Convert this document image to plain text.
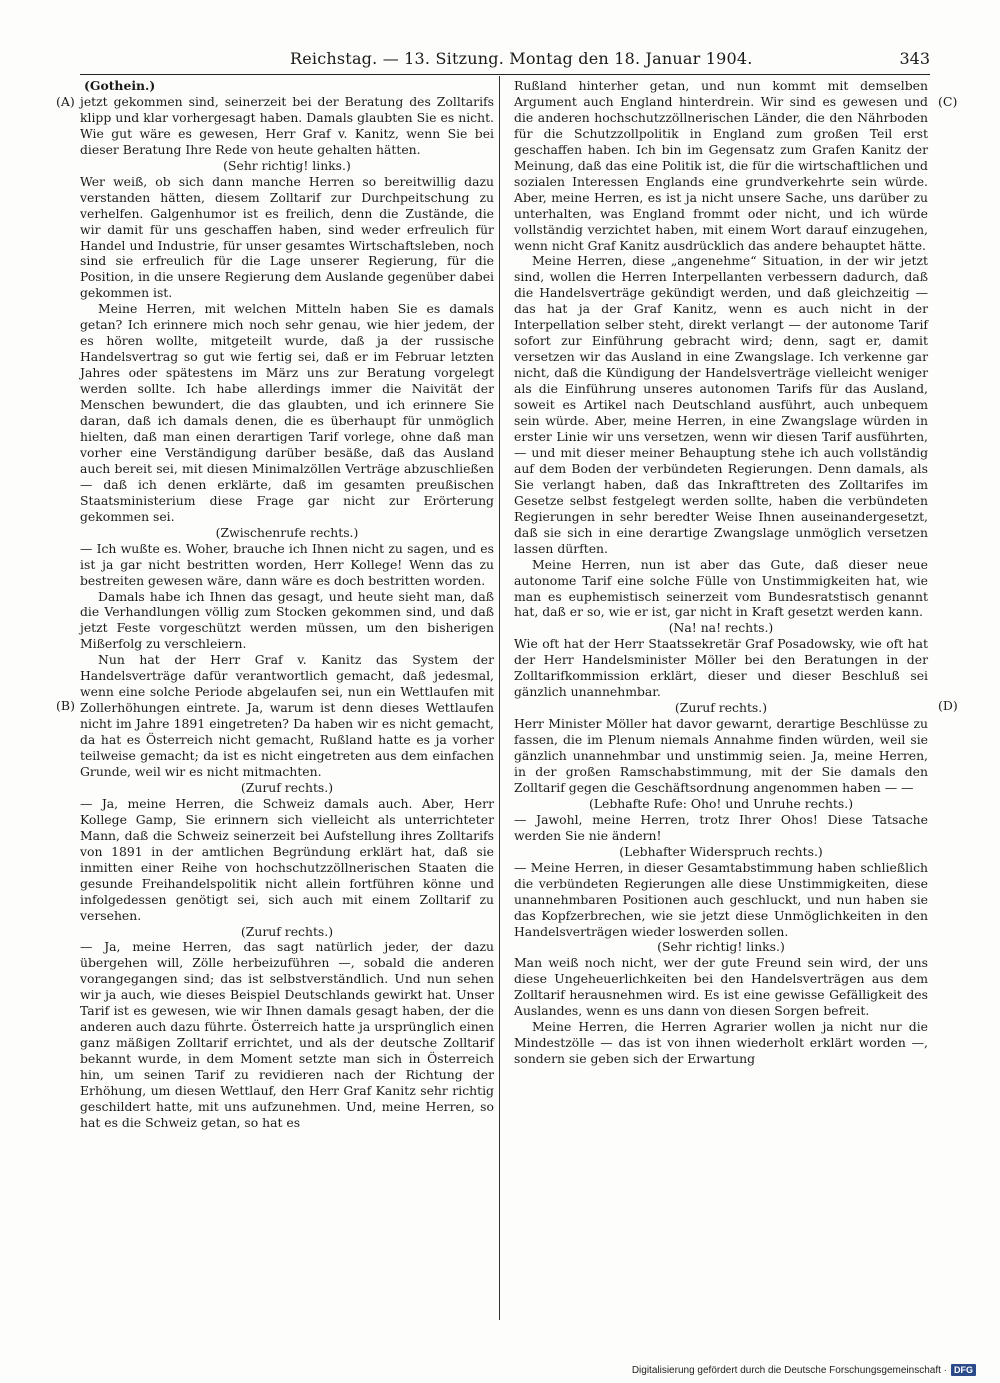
Reichstag. — 13. Sitzung. Montag den 18. Januar 1904.	343
(A)
(B)
(C)
(D)

(Gothein.)

jetzt gekommen sind, seinerzeit bei der Beratung des Zolltarifs klipp und klar vorhergesagt haben. Damals glaubten Sie es nicht. Wie gut wäre es gewesen, Herr Graf v. Kanitz, wenn Sie bei dieser Beratung Ihre Rede von heute gehalten hätten.

(Sehr richtig! links.)

Wer weiß, ob sich dann manche Herren so bereitwillig dazu verstanden hätten, diesem Zolltarif zur Durchpeitschung zu verhelfen. Galgenhumor ist es freilich, denn die Zustände, die wir damit für uns geschaffen haben, sind weder erfreulich für Handel und Industrie, für unser gesamtes Wirtschaftsleben, noch sind sie erfreulich für die Lage unserer Regierung, für die Position, in die unsere Regierung dem Auslande gegenüber dabei gekommen ist.

Meine Herren, mit welchen Mitteln haben Sie es damals getan? Ich erinnere mich noch sehr genau, wie hier jedem, der es hören wollte, mitgeteilt wurde, daß ja der russische Handelsvertrag so gut wie fertig sei, daß er im Februar letzten Jahres oder spätestens im März uns zur Beratung vorgelegt werden sollte. Ich habe allerdings immer die Naivität der Menschen bewundert, die das glaubten, und ich erinnere Sie daran, daß ich damals denen, die es überhaupt für unmöglich hielten, daß man einen derartigen Tarif vorlege, ohne daß man vorher eine Verständigung darüber besäße, daß das Ausland auch bereit sei, mit diesen Minimalzöllen Verträge abzuschließen — daß ich denen erklärte, daß im gesamten preußischen Staatsministerium diese Frage gar nicht zur Erörterung gekommen sei.

(Zwischenrufe rechts.)

— Ich wußte es. Woher, brauche ich Ihnen nicht zu sagen, und es ist ja gar nicht bestritten worden, Herr Kollege! Wenn das zu bestreiten gewesen wäre, dann wäre es doch bestritten worden.

Damals habe ich Ihnen das gesagt, und heute sieht man, daß die Verhandlungen völlig zum Stocken gekommen sind, und daß jetzt Feste vorgeschützt werden müssen, um den bisherigen Mißerfolg zu verschleiern.

Nun hat der Herr Graf v. Kanitz das System der Handelsverträge dafür verantwortlich gemacht, daß jedesmal, wenn eine solche Periode abgelaufen sei, nun ein Wettlaufen mit Zollerhöhungen eintrete. Ja, warum ist denn dieses Wettlaufen nicht im Jahre 1891 eingetreten? Da haben wir es nicht gemacht, da hat es Österreich nicht gemacht, Rußland hatte es ja vorher teilweise gemacht; da ist es nicht eingetreten aus dem einfachen Grunde, weil wir es nicht mitmachten.

(Zuruf rechts.)

— Ja, meine Herren, die Schweiz damals auch. Aber, Herr Kollege Gamp, Sie erinnern sich vielleicht als unterrichteter Mann, daß die Schweiz seinerzeit bei Aufstellung ihres Zolltarifs von 1891 in der amtlichen Begründung erklärt hat, daß sie inmitten einer Reihe von hochschutzzöllnerischen Staaten die gesunde Freihandelspolitik nicht allein fortführen könne und infolgedessen genötigt sei, sich auch mit einem Zolltarif zu versehen.

(Zuruf rechts.)

— Ja, meine Herren, das sagt natürlich jeder, der dazu übergehen will, Zölle herbeizuführen —, sobald die anderen vorangegangen sind; das ist selbstverständlich. Und nun sehen wir ja auch, wie dieses Beispiel Deutschlands gewirkt hat. Unser Tarif ist es gewesen, wie wir Ihnen damals gesagt haben, der die anderen auch dazu führte. Österreich hatte ja ursprünglich einen ganz mäßigen Zolltarif errichtet, und als der deutsche Zolltarif bekannt wurde, in dem Moment setzte man sich in Österreich hin, um seinen Tarif zu revidieren nach der Richtung der Erhöhung, um diesen Wettlauf, den Herr Graf Kanitz sehr richtig geschildert hatte, mit uns aufzunehmen. Und, meine Herren, so hat es die Schweiz getan, so hat es

Rußland hinterher getan, und nun kommt mit demselben Argument auch England hinterdrein. Wir sind es gewesen und die anderen hochschutzzöllnerischen Länder, die den Nährboden für die Schutzzollpolitik in England zum großen Teil erst geschaffen haben. Ich bin im Gegensatz zum Grafen Kanitz der Meinung, daß das eine Politik ist, die für die wirtschaftlichen und sozialen Interessen Englands eine grundverkehrte sein würde. Aber, meine Herren, es ist ja nicht unsere Sache, uns darüber zu unterhalten, was England frommt oder nicht, und ich würde vollständig verzichtet haben, mit einem Wort darauf einzugehen, wenn nicht Graf Kanitz ausdrücklich das andere behauptet hätte.

Meine Herren, diese „angenehme“ Situation, in der wir jetzt sind, wollen die Herren Interpellanten verbessern dadurch, daß die Handelsverträge gekündigt werden, und daß gleichzeitig — das hat ja der Graf Kanitz, wenn es auch nicht in der Interpellation selber steht, direkt verlangt — der autonome Tarif sofort zur Einführung gebracht wird; denn, sagt er, damit versetzen wir das Ausland in eine Zwangslage. Ich verkenne gar nicht, daß die Kündigung der Handelsverträge vielleicht weniger als die Einführung unseres autonomen Tarifs für das Ausland, soweit es Artikel nach Deutschland ausführt, auch unbequem sein würde. Aber, meine Herren, in eine Zwangslage würden in erster Linie wir uns versetzen, wenn wir diesen Tarif ausführten, — und mit dieser meiner Behauptung stehe ich auch vollständig auf dem Boden der verbündeten Regierungen. Denn damals, als Sie verlangt haben, daß das Inkrafttreten des Zolltarifes im Gesetze selbst festgelegt werden sollte, haben die verbündeten Regierungen in sehr beredter Weise Ihnen auseinandergesetzt, daß sie sich in eine derartige Zwangslage unmöglich versetzen lassen dürften.

Meine Herren, nun ist aber das Gute, daß dieser neue autonome Tarif eine solche Fülle von Unstimmigkeiten hat, wie man es euphemistisch seinerzeit vom Bundesratstisch genannt hat, daß er so, wie er ist, gar nicht in Kraft gesetzt werden kann.

(Na! na! rechts.)

Wie oft hat der Herr Staatssekretär Graf Posadowsky, wie oft hat der Herr Handelsminister Möller bei den Beratungen in der Zolltarifkommission erklärt, dieser und dieser Beschluß sei gänzlich unannehmbar.

(Zuruf rechts.)

Herr Minister Möller hat davor gewarnt, derartige Beschlüsse zu fassen, die im Plenum niemals Annahme finden würden, weil sie gänzlich unannehmbar und unstimmig seien. Ja, meine Herren, in der großen Ramschabstimmung, mit der Sie damals den Zolltarif gegen die Geschäftsordnung angenommen haben — —

(Lebhafte Rufe: Oho! und Unruhe rechts.)

— Jawohl, meine Herren, trotz Ihrer Ohos! Diese Tatsache werden Sie nie ändern!

(Lebhafter Widerspruch rechts.)

— Meine Herren, in dieser Gesamtabstimmung haben schließlich die verbündeten Regierungen alle diese Unstimmigkeiten, diese unannehmbaren Positionen auch geschluckt, und nun haben sie das Kopfzerbrechen, wie sie jetzt diese Unmöglichkeiten in den Handelsverträgen wieder loswerden sollen.

(Sehr richtig! links.)

Man weiß noch nicht, wer der gute Freund sein wird, der uns diese Ungeheuerlichkeiten bei den Handelsverträgen aus dem Zolltarif herausnehmen wird. Es ist eine gewisse Gefälligkeit des Auslandes, wenn es uns dann von diesen Sorgen befreit.

Meine Herren, die Herren Agrarier wollen ja nicht nur die Mindestzölle — das ist von ihnen wiederholt erklärt worden —, sondern sie geben sich der Erwartung

Digitalisierung gefördert durch die Deutsche Forschungsgemeinschaft · DFG
